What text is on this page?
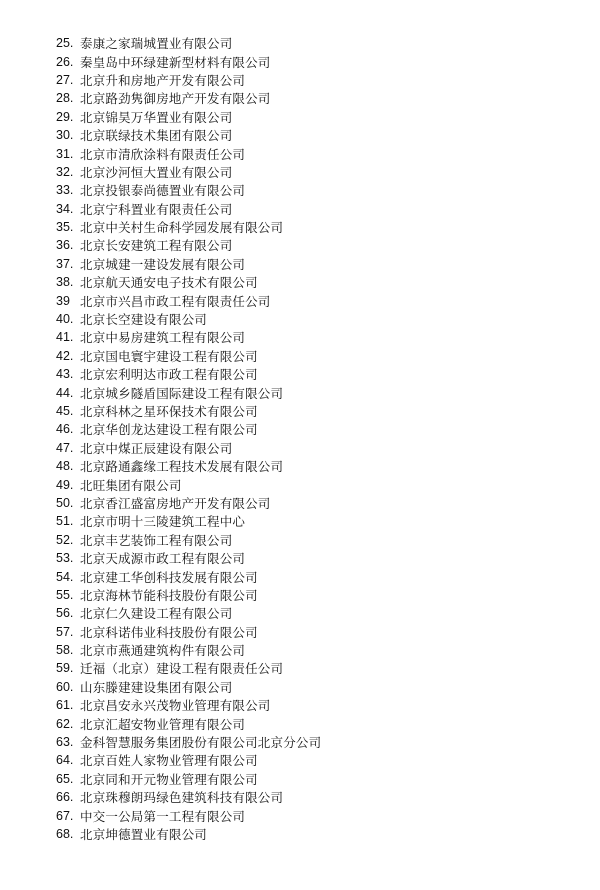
25. 泰康之家瑞城置业有限公司
26. 秦皇岛中环绿建新型材料有限公司
27. 北京升和房地产开发有限公司
28. 北京路劲隽御房地产开发有限公司
29. 北京锦昊万华置业有限公司
30. 北京联绿技术集团有限公司
31. 北京市清欣涂料有限责任公司
32. 北京沙河恒大置业有限公司
33. 北京投银泰尚德置业有限公司
34. 北京宁科置业有限责任公司
35. 北京中关村生命科学园发展有限公司
36. 北京长安建筑工程有限公司
37. 北京城建一建设发展有限公司
38. 北京航天通安电子技术有限公司
39 北京市兴昌市政工程有限责任公司
40. 北京长空建设有限公司
41. 北京中易房建筑工程有限公司
42. 北京国电寰宇建设工程有限公司
43. 北京宏利明达市政工程有限公司
44. 北京城乡隧盾国际建设工程有限公司
45. 北京科林之星环保技术有限公司
46. 北京华创龙达建设工程有限公司
47. 北京中煤正辰建设有限公司
48. 北京路通鑫缘工程技术发展有限公司
49. 北旺集团有限公司
50. 北京香江盛富房地产开发有限公司
51. 北京市明十三陵建筑工程中心
52. 北京丰艺装饰工程有限公司
53. 北京天成源市政工程有限公司
54. 北京建工华创科技发展有限公司
55. 北京海林节能科技股份有限公司
56. 北京仁久建设工程有限公司
57. 北京科诺伟业科技股份有限公司
58. 北京市燕通建筑构件有限公司
59. 迁福（北京）建设工程有限责任公司
60. 山东滕建建设集团有限公司
61. 北京昌安永兴茂物业管理有限公司
62. 北京汇超安物业管理有限公司
63. 金科智慧服务集团股份有限公司北京分公司
64. 北京百姓人家物业管理有限公司
65. 北京同和开元物业管理有限公司
66. 北京珠穆朗玛绿色建筑科技有限公司
67. 中交一公局第一工程有限公司
68. 北京坤德置业有限公司
